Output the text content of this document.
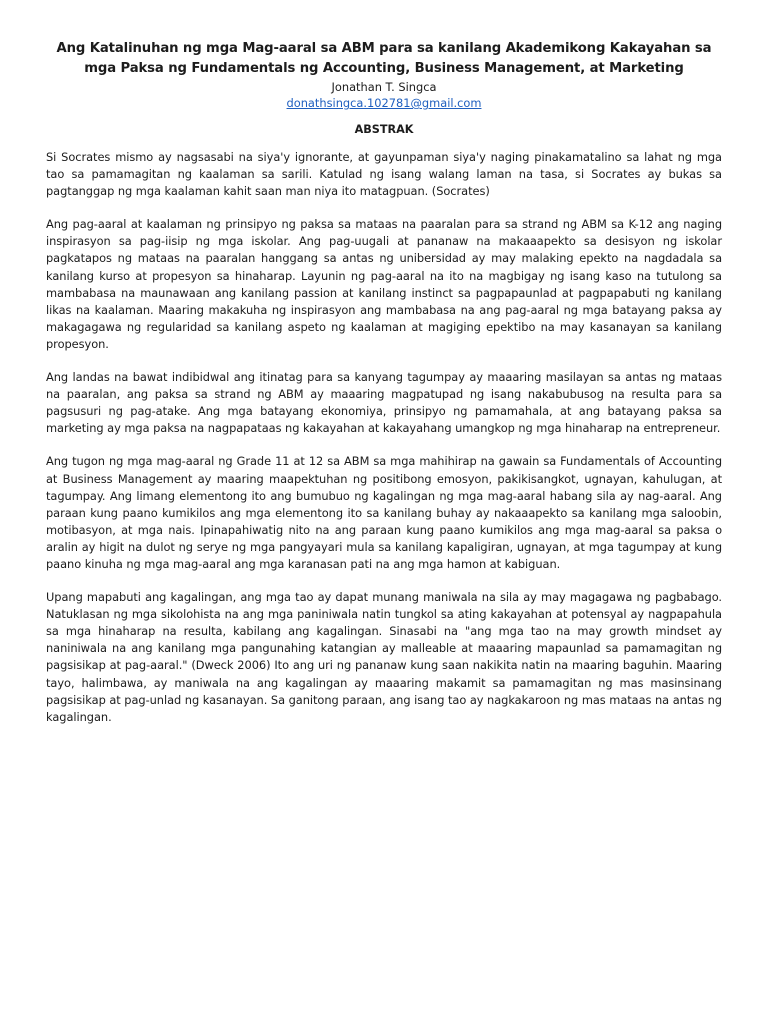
Ang Katalinuhan ng mga Mag-aaral sa ABM para sa kanilang Akademikong Kakayahan sa mga Paksa ng Fundamentals ng Accounting, Business Management, at Marketing

Jonathan T. Singca

donathsingca.102781@gmail.com

ABSTRAK

Si Socrates mismo ay nagsasabi na siya'y ignorante, at gayunpaman siya'y naging pinakamatalino sa lahat ng mga tao sa pamamagitan ng kaalaman sa sarili. Katulad ng isang walang laman na tasa, si Socrates ay bukas sa pagtanggap ng mga kaalaman kahit saan man niya ito matagpuan. (Socrates)

Ang pag-aaral at kaalaman ng prinsipyo ng paksa sa mataas na paaralan para sa strand ng ABM sa K-12 ang naging inspirasyon sa pag-iisip ng mga iskolar. Ang pag-uugali at pananaw na makaaapekto sa desisyon ng iskolar pagkatapos ng mataas na paaralan hanggang sa antas ng unibersidad ay may malaking epekto na nagdadala sa kanilang kurso at propesyon sa hinaharap. Layunin ng pag-aaral na ito na magbigay ng isang kaso na tutulong sa mambabasa na maunawaan ang kanilang passion at kanilang instinct sa pagpapaunlad at pagpapabuti ng kanilang likas na kaalaman. Maaring makakuha ng inspirasyon ang mambabasa na ang pag-aaral ng mga batayang paksa ay makagagawa ng regularidad sa kanilang aspeto ng kaalaman at magiging epektibo na may kasanayan sa kanilang propesyon.

Ang landas na bawat indibidwal ang itinatag para sa kanyang tagumpay ay maaaring masilayan sa antas ng mataas na paaralan, ang paksa sa strand ng ABM ay maaaring magpatupad ng isang nakabubusog na resulta para sa pagsusuri ng pag-atake. Ang mga batayang ekonomiya, prinsipyo ng pamamahala, at ang batayang paksa sa marketing ay mga paksa na nagpapataas ng kakayahan at kakayahang umangkop ng mga hinaharap na entrepreneur.

Ang tugon ng mga mag-aaral ng Grade 11 at 12 sa ABM sa mga mahihirap na gawain sa Fundamentals of Accounting at Business Management ay maaring maapektuhan ng positibong emosyon, pakikisangkot, ugnayan, kahulugan, at tagumpay. Ang limang elementong ito ang bumubuo ng kagalingan ng mga mag-aaral habang sila ay nag-aaral. Ang paraan kung paano kumikilos ang mga elementong ito sa kanilang buhay ay nakaaapekto sa kanilang mga saloobin, motibasyon, at mga nais. Ipinapahiwatig nito na ang paraan kung paano kumikilos ang mga mag-aaral sa paksa o aralin ay higit na dulot ng serye ng mga pangyayari mula sa kanilang kapaligiran, ugnayan, at mga tagumpay at kung paano kinuha ng mga mag-aaral ang mga karanasan pati na ang mga hamon at kabiguan.

Upang mapabuti ang kagalingan, ang mga tao ay dapat munang maniwala na sila ay may magagawa ng pagbabago. Natuklasan ng mga sikolohista na ang mga paniniwala natin tungkol sa ating kakayahan at potensyal ay nagpapahula sa mga hinaharap na resulta, kabilang ang kagalingan. Sinasabi na "ang mga tao na may growth mindset ay naniniwala na ang kanilang mga pangunahing katangian ay malleable at maaaring mapaunlad sa pamamagitan ng pagsisikap at pag-aaral." (Dweck 2006) Ito ang uri ng pananaw kung saan nakikita natin na maaring baguhin. Maaring tayo, halimbawa, ay maniwala na ang kagalingan ay maaaring makamit sa pamamagitan ng mas masinsinang pagsisikap at pag-unlad ng kasanayan. Sa ganitong paraan, ang isang tao ay nagkakaroon ng mas mataas na antas ng kagalingan.
